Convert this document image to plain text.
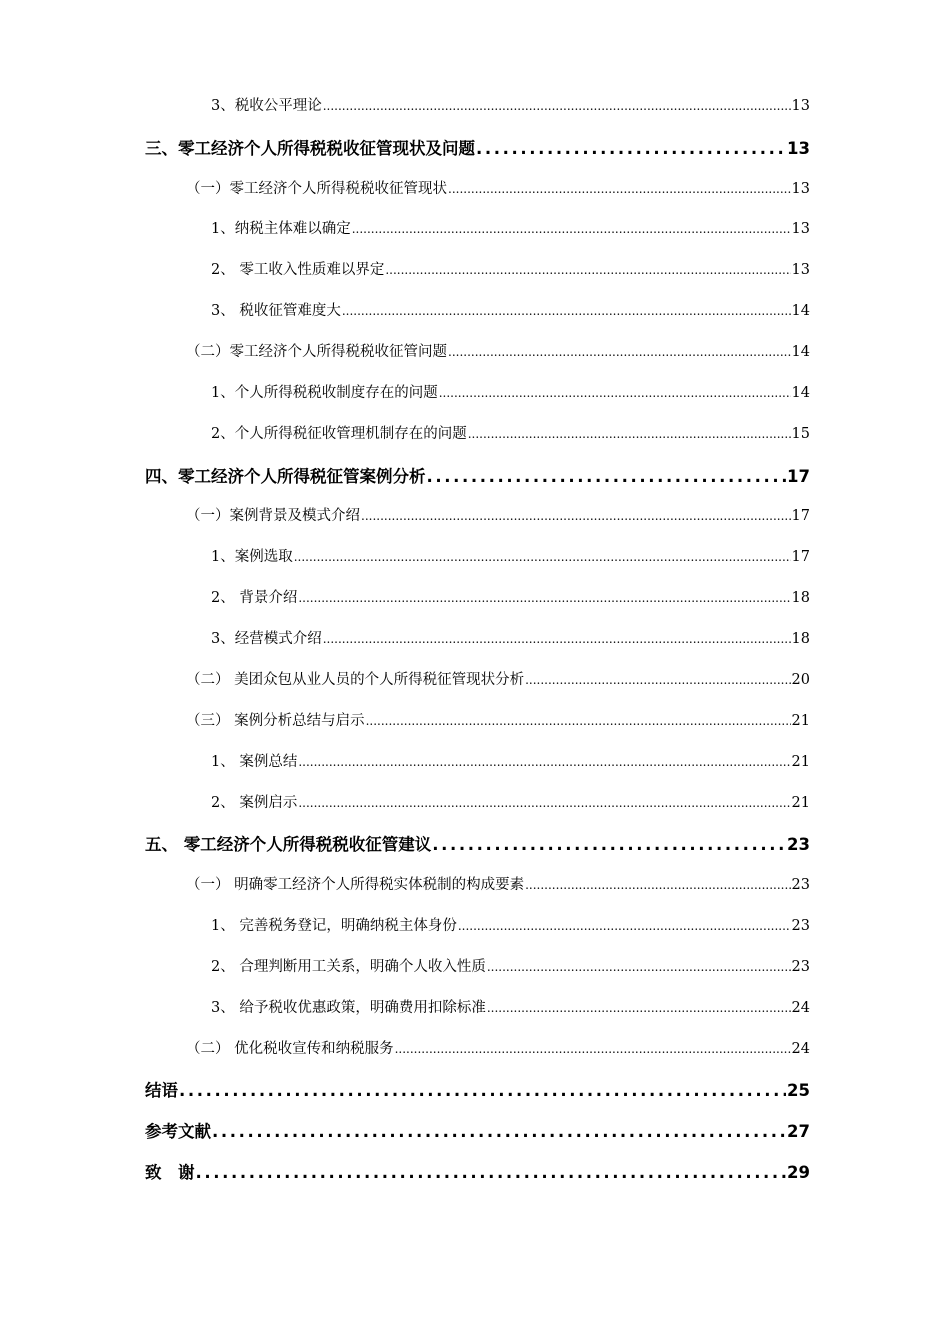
3、税收公平理论 .....	13
三、零工经济个人所得税税收征管现状及问题 .....	13
（一）零工经济个人所得税税收征管现状 .....	13
1、纳税主体难以确定 .....	13
2、 零工收入性质难以界定 .....	13
3、 税收征管难度大 .....	14
（二）零工经济个人所得税税收征管问题 .....	14
1、个人所得税税收制度存在的问题 .....	14
2、个人所得税征收管理机制存在的问题 .....	15
四、零工经济个人所得税征管案例分析 .....	17
（一）案例背景及模式介绍 .....	17
1、案例选取 .....	17
2、 背景介绍 .....	18
3、经营模式介绍 .....	18
（二） 美团众包从业人员的个人所得税征管现状分析 .....	20
（三） 案例分析总结与启示 .....	21
1、 案例总结 .....	21
2、 案例启示 .....	21
五、 零工经济个人所得税税收征管建议 .....	23
（一） 明确零工经济个人所得税实体税制的构成要素 .....	23
1、 完善税务登记，明确纳税主体身份 .....	23
2、 合理判断用工关系，明确个人收入性质 .....	23
3、 给予税收优惠政策，明确费用扣除标准 .....	24
（二） 优化税收宣传和纳税服务 .....	24
结语 .....	25
参考文献 .....	27
致　谢 .....	29
